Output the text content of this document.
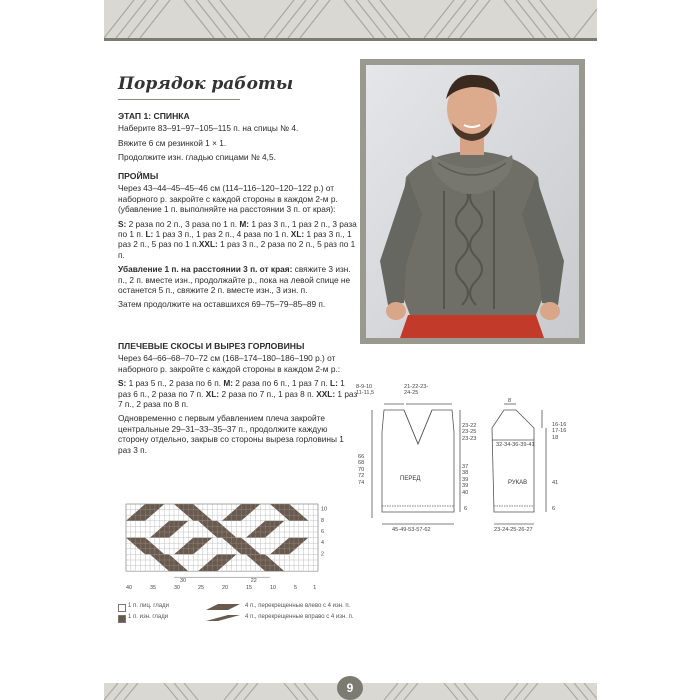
Порядок работы

ЭТАП 1: СПИНКА

Наберите 83–91–97–105–115 п. на спицы № 4.

Вяжите 6 см резинкой 1 × 1.

Продолжите изн. гладью спицами № 4,5.

ПРОЙМЫ

Через 43–44–45–45–46 см (114–116–120–120–122 р.) от наборного р. закройте с каждой стороны в каждом 2-м р. (убавление 1 п. выполняйте на расстоянии 3 п. от края):

S: 2 раза по 2 п., 3 раза по 1 п. M: 1 раз 3 п., 1 раз 2 п., 3 раза по 1 п. L: 1 раз 3 п., 1 раз 2 п., 4 раза по 1 п. XL: 1 раз 3 п., 1 раз 2 п., 5 раз по 1 п.XXL: 1 раз 3 п., 2 раза по 2 п., 5 раз по 1 п.

Убавление 1 п. на расстоянии 3 п. от края: свяжите 3 изн. п., 2 п. вместе изн., продолжайте р., пока на левой спице не останется 5 п., свяжите 2 п. вместе изн., 3 изн. п.

Затем продолжите на оставшихся 69–75–79–85–89 п.

ПЛЕЧЕВЫЕ СКОСЫ И ВЫРЕЗ ГОРЛОВИНЫ

Через 64–66–68–70–72 см (168–174–180–186–190 р.) от наборного р. закройте с каждой стороны в каждом 2-м р.:

S: 1 раз 5 п., 2 раза по 6 п. M: 2 раза по 6 п., 1 раз 7 п. L: 1 раз 6 п., 2 раза по 7 п. XL: 2 раза по 7 п., 1 раз 8 п. XXL: 1 раз 7 п., 2 раза по 8 п.

Одновременно с первым убавлением плеча закройте центральные 29–31–33–35–37 п., продолжите каждую сторону отдельно, закрыв со стороны выреза горловины 1 раз 3 п.

8-9-10
11-11,5
21-22-23-
24-25
23-22
23-25
23-23
37
38
39
39
40
66
68
70
72
74
6
ПЕРЕД
45-49-53-57-62
8
16-16
17-16
18
32-34-36-39-41
РУКАВ	41
6
23-24-25-26-27
10
8
6
4
2
40	35	30	25	20	15	10	5	1
30	22
1 п. лиц. глади
1 п. изн. глади
4 п., перекрещенные влево с 4 изн. п.
4 п., перекрещенные вправо с 4 изн. п.
9
